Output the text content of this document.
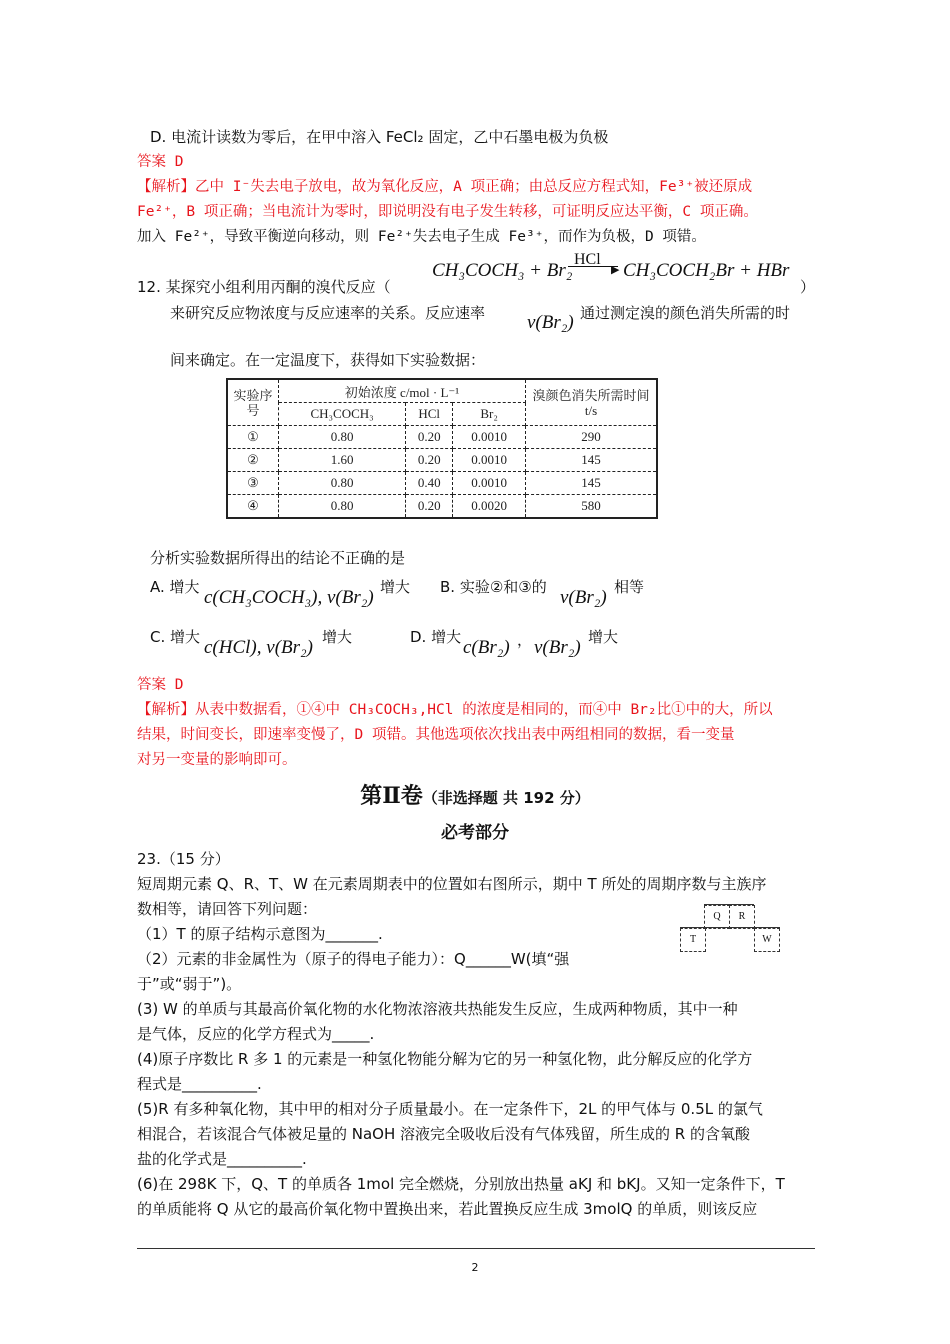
D. 电流计读数为零后，在甲中溶入 FeCl₂ 固定，乙中石墨电极为负极
答案 D
【解析】乙中 I⁻失去电子放电，故为氧化反应，A 项正确；由总反应方程式知，Fe³⁺被还原成
Fe²⁺，B 项正确；当电流计为零时，即说明没有电子发生转移，可证明反应达平衡，C 项正确。
加入 Fe²⁺，导致平衡逆向移动，则 Fe²⁺失去电子生成 Fe³⁺，而作为负极，D 项错。
12. 某探究小组利用丙酮的溴代反应（
CH₃COCH₃ + Br₂
HCl
▶ CH₃COCH₂Br + HBr
）
来研究反应物浓度与反应速率的关系。反应速率 v(Br₂) 通过测定溴的颜色消失所需的时
间来确定。在一定温度下，获得如下实验数据：
实验序号	初始浓度 c/mol · L⁻¹			溴颜色消失所需时间 t/s
	CH₃COCH₃	HCl	Br₂	
①	0.80	0.20	0.0010	290
②	1.60	0.20	0.0010	145
③	0.80	0.40	0.0010	145
④	0.80	0.20	0.0020	580
分析实验数据所得出的结论不正确的是
A. 增大 c(CH₃COCH₃), v(Br₂) 增大 B. 实验②和③的 v(Br₂) 相等
C. 增大 c(HCl), v(Br₂) 增大	D. 增大 c(Br₂) ， v(Br₂) 增大
答案 D
【解析】从表中数据看，①④中 CH₃COCH₃,HCl 的浓度是相同的，而④中 Br₂比①中的大，所以
结果，时间变长，即速率变慢了，D 项错。其他选项依次找出表中两组相同的数据，看一变量
对另一变量的影响即可。
第Ⅱ卷（非选择题 共 192 分）
必考部分
23.（15 分）
短周期元素 Q、R、T、W 在元素周期表中的位置如右图所示，期中 T 所处的周期序数与主族序
数相等，请回答下列问题：
（1）T 的原子结构示意图为_______.
（2）元素的非金属性为（原子的得电子能力）：Q______W(填“强
于”或“弱于”)。
(3) W 的单质与其最高价氧化物的水化物浓溶液共热能发生反应，生成两种物质，其中一种
是气体，反应的化学方程式为_____.
(4)原子序数比 R 多 1 的元素是一种氢化物能分解为它的另一种氢化物，此分解反应的化学方
程式是__________.
(5)R 有多种氧化物，其中甲的相对分子质量最小。在一定条件下，2L 的甲气体与 0.5L 的氯气
相混合，若该混合气体被足量的 NaOH 溶液完全吸收后没有气体残留，所生成的 R 的含氧酸
盐的化学式是__________.
(6)在 298K 下，Q、T 的单质各 1mol 完全燃烧，分别放出热量 aKJ 和 bKJ。又知一定条件下，T
的单质能将 Q 从它的最高价氧化物中置换出来，若此置换反应生成 3molQ 的单质，则该反应
Q	R
T	W
2
